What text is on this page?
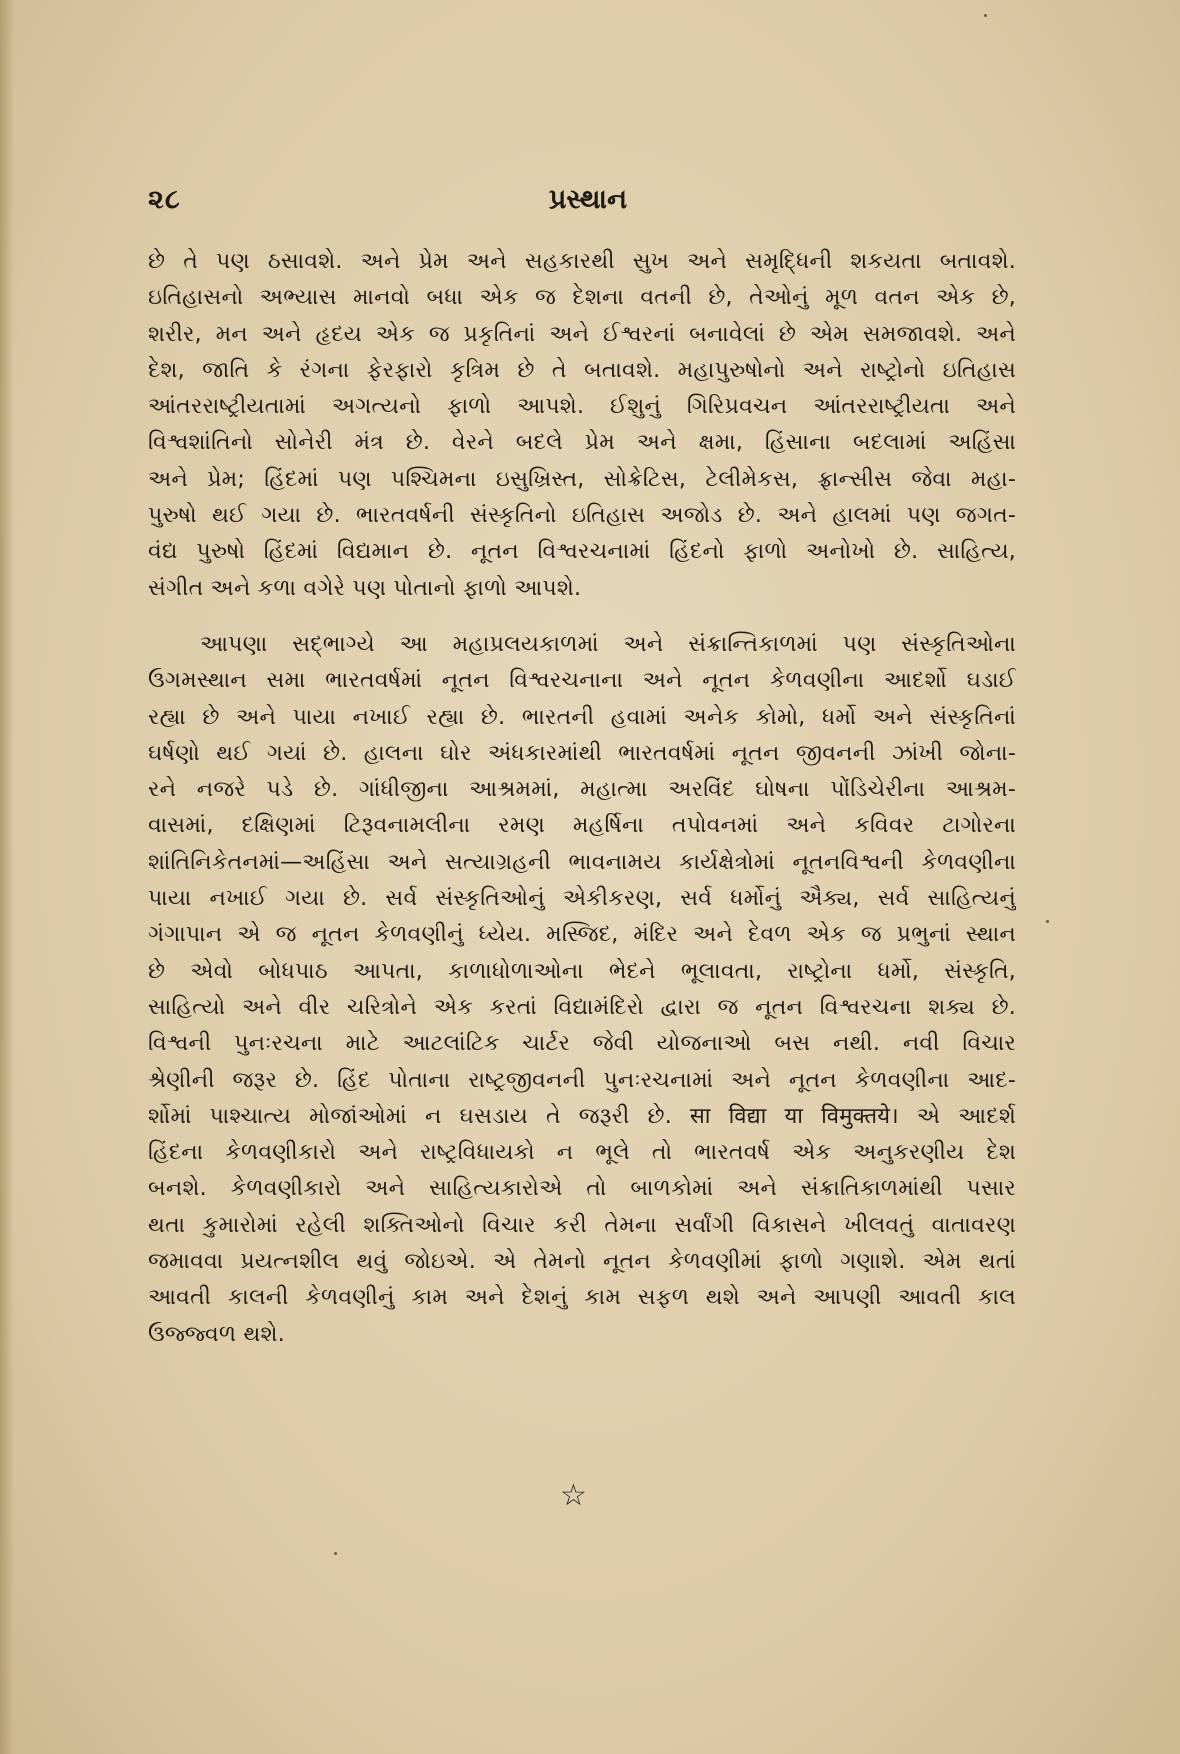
૨૮	પ્રસ્થાન

છે તે પણ ઠસાવશે. અને પ્રેમ અને સહકારથી સુખ અને સમૃદ્ધિની શકયતા બતાવશે.
ઇતિહાસનો અભ્યાસ માનવો બધા એક જ દેશના વતની છે, તેઓનું મૂળ વતન એક છે,
શરીર, મન અને હૃદય એક જ પ્રકૃતિનાં અને ઈશ્વરનાં બનાવેલાં છે એમ સમજાવશે. અને
દેશ, જાતિ કે રંગના ફેરફારો કૃત્રિમ છે તે બતાવશે. મહાપુરુષોનો અને રાષ્ટ્રોનો ઇતિહાસ
આંતરરાષ્ટ્રીયતામાં અગત્યનો ફાળો આપશે. ઈશુનું ગિરિપ્રવચન આંતરરાષ્ટ્રીયતા અને
વિશ્વશાંતિનો સોનેરી મંત્ર છે. વેરને બદલે પ્રેમ અને ક્ષમા, હિંસાના બદલામાં અહિંસા
અને પ્રેમ; હિંદમાં પણ પશ્ચિમના ઇસુખ્રિસ્ત, સોક્રેટિસ, ટેલીમેકસ, ફ્રાન્સીસ જેવા મહા-
પુરુષો થઈ ગયા છે. ભારતવર્ષની સંસ્કૃતિનો ઇતિહાસ અજોડ છે. અને હાલમાં પણ જગત-
વંદ્ય પુરુષો હિંદમાં વિદ્યમાન છે. નૂતન વિશ્વરચનામાં હિંદનો ફાળો અનોખો છે. સાહિત્ય,
સંગીત અને કળા વગેરે પણ પોતાનો ફાળો આપશે.

આપણા સદ્ભાગ્યે આ મહાપ્રલયકાળમાં અને સંક્રાન્તિકાળમાં પણ સંસ્કૃતિઓના
ઉગમસ્થાન સમા ભારતવર્ષમાં નૂતન વિશ્વરચનાના અને નૂતન કેળવણીના આદર્શો ઘડાઈ
રહ્યા છે અને પાયા નખાઈ રહ્યા છે. ભારતની હવામાં અનેક કોમો, ધર્મો અને સંસ્કૃતિનાં
ઘર્ષણો થઈ ગયાં છે. હાલના ઘોર અંધકારમાંથી ભારતવર્ષમાં નૂતન જીવનની ઝાંખી જોના-
રને નજરે પડે છે. ગાંધીજીના આશ્રમમાં, મહાત્મા અરવિંદ ઘોષના પોંડિચેરીના આશ્રમ-
વાસમાં, દક્ષિણમાં ટિરૂવનામલીના રમણ મહર્ષિના તપોવનમાં અને કવિવર ટાગોરના
શાંતિનિકેતનમાં—અહિંસા અને સત્યાગ્રહની ભાવનામય કાર્યક્ષેત્રોમાં નૂતનવિશ્વની કેળવણીના
પાયા નખાઈ ગયા છે. સર્વ સંસ્કૃતિઓનું એકીકરણ, સર્વ ધર્મોનું ઐક્ય, સર્વ સાહિત્યનું
ગંગાપાન એ જ નૂતન કેળવણીનું ધ્યેય. મસ્જિદ, મંદિર અને દેવળ એક જ પ્રભુનાં સ્થાન
છે એવો બોધપાઠ આપતા, કાળાધોળાઓના ભેદને ભૂલાવતા, રાષ્ટ્રોના ધર્મો, સંસ્કૃતિ,
સાહિત્યો અને વીર ચરિત્રોને એક કરતાં વિદ્યામંદિરો દ્વારા જ નૂતન વિશ્વરચના શક્ય છે.
વિશ્વની પુનઃરચના માટે આટલાંટિક ચાર્ટર જેવી યોજનાઓ બસ નથી. નવી વિચાર
શ્રેણીની જરૂર છે. હિંદ પોતાના રાષ્ટ્રજીવનની પુનઃરચનામાં અને નૂતન કેળવણીના આદ-
ર્શોમાં પાશ્ચાત્ય મોજાંઓમાં ન ઘસડાય તે જરૂરી છે. सा विद्या या विमुक्तये। એ આદર્શ
હિંદના કેળવણીકારો અને રાષ્ટ્રવિધાયકો ન ભૂલે તો ભારતવર્ષ એક અનુકરણીય દેશ
બનશે. કેળવણીકારો અને સાહિત્યકારોએ તો બાળકોમાં અને સંક્રાતિકાળમાંથી પસાર
થતા કુમારોમાં રહેલી શક્તિઓનો વિચાર કરી તેમના સર્વાંગી વિકાસને ખીલવતું વાતાવરણ
જમાવવા પ્રયત્નશીલ થવું જોઇએ. એ તેમનો નૂતન કેળવણીમાં ફાળો ગણાશે. એમ થતાં
આવતી કાલની કેળવણીનું કામ અને દેશનું કામ સફળ થશે અને આપણી આવતી કાલ
ઉજ્જ્વળ થશે.

☆
